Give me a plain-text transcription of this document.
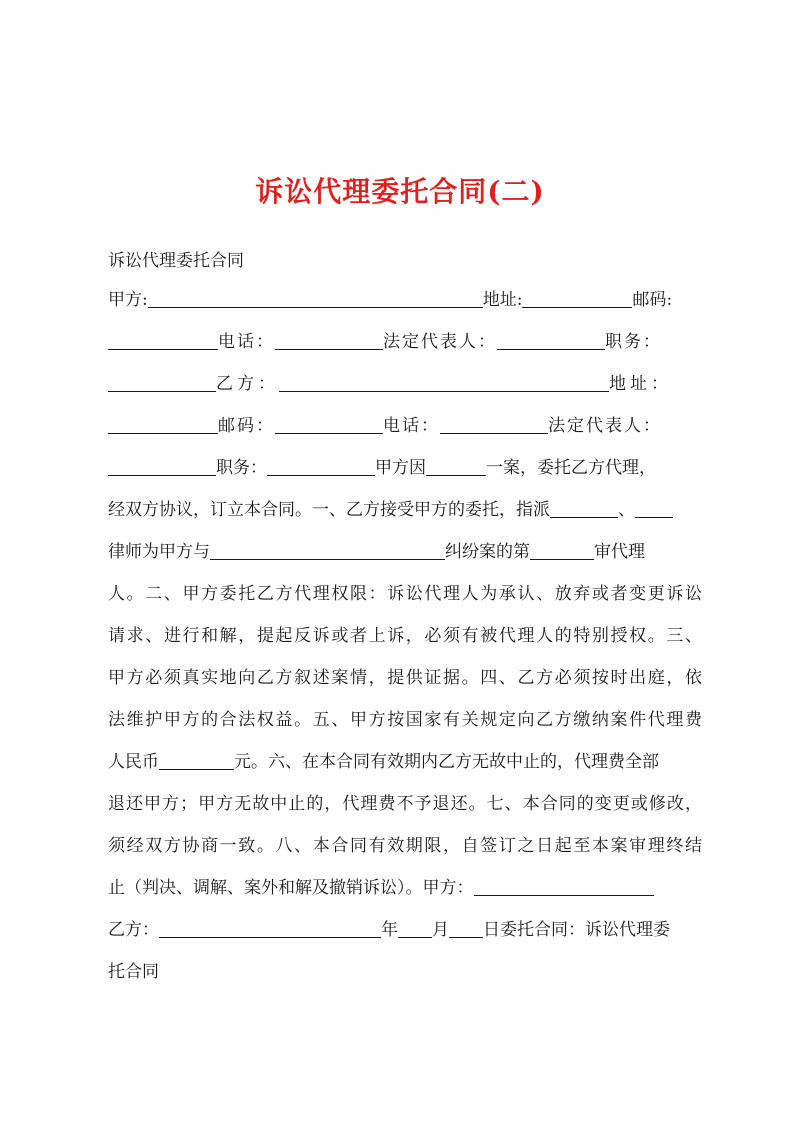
诉讼代理委托合同(二)
诉讼代理委托合同
甲方:	地址:	邮码:
电话：	法定代表人：	职务：
乙方：	地址：
邮码：	电话：	法定代表人：
职务：	甲方因	一案，委托乙方代理，
经双方协议，订立本合同。一、乙方接受甲方的委托，指派	、
律师为甲方与	纠纷案的第	审代理
人。二、甲方委托乙方代理权限：诉讼代理人为承认、放弃或者变更诉讼
请求、进行和解，提起反诉或者上诉，必须有被代理人的特别授权。三、
甲方必须真实地向乙方叙述案情，提供证据。四、乙方必须按时出庭，依
法维护甲方的合法权益。五、甲方按国家有关规定向乙方缴纳案件代理费
人民币	元。六、在本合同有效期内乙方无故中止的，代理费全部
退还甲方；甲方无故中止的，代理费不予退还。七、本合同的变更或修改，
须经双方协商一致。八、本合同有效期限，自签订之日起至本案审理终结
止（判决、调解、案外和解及撤销诉讼）。甲方：
乙方：	年 月 日委托合同：诉讼代理委
托合同
